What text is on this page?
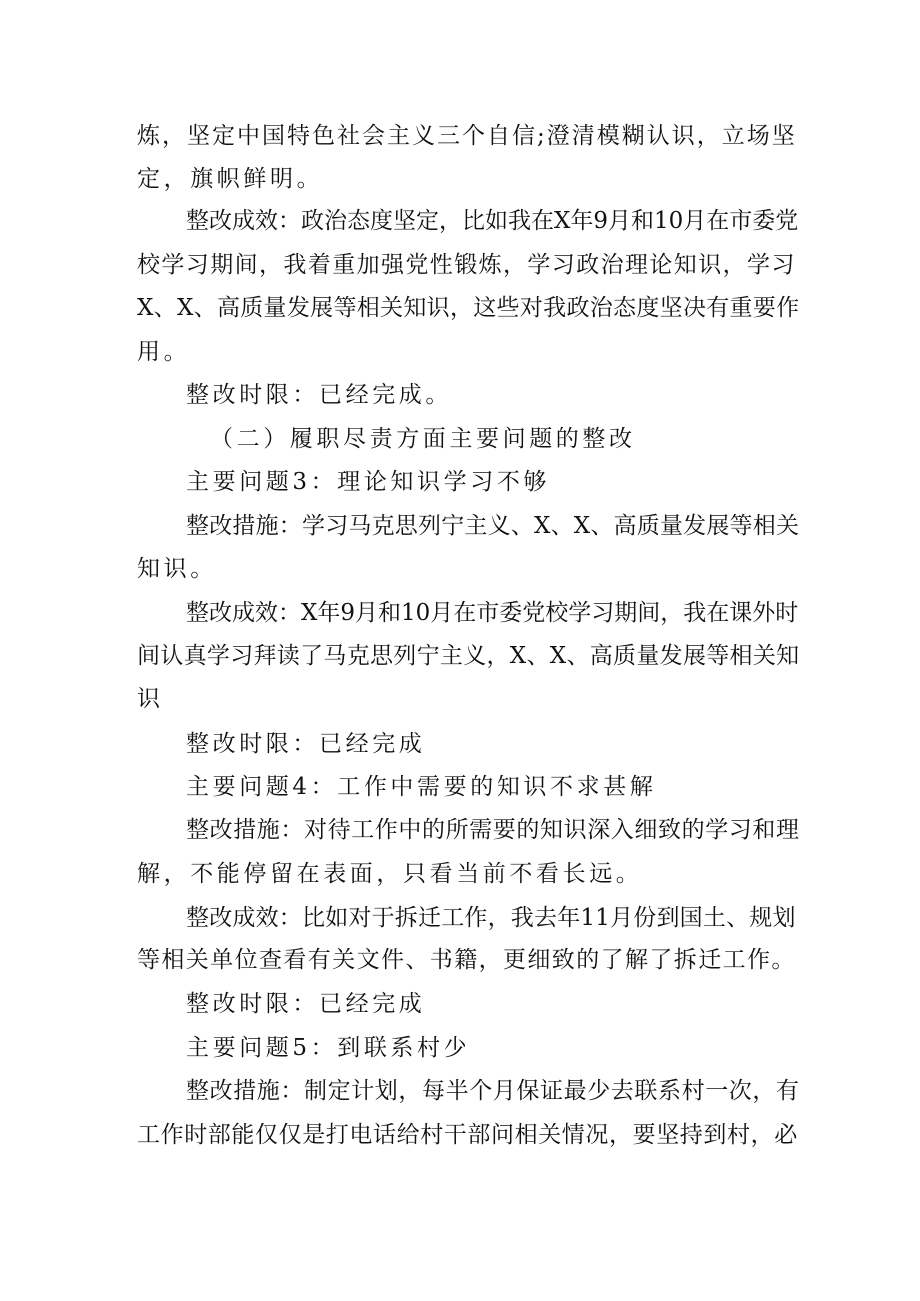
炼，坚定中国特色社会主义三个自信;澄清模糊认识，立场坚
定，旗帜鲜明。
整改成效：政治态度坚定，比如我在X年9月和10月在市委党
校学习期间，我着重加强党性锻炼，学习政治理论知识，学习
X、X、高质量发展等相关知识，这些对我政治态度坚决有重要作
用。
整改时限：已经完成。
（二）履职尽责方面主要问题的整改
主要问题3：理论知识学习不够
整改措施：学习马克思列宁主义、X、X、高质量发展等相关
知识。
整改成效：X年9月和10月在市委党校学习期间，我在课外时
间认真学习拜读了马克思列宁主义，X、X、高质量发展等相关知
识
整改时限：已经完成
主要问题4：工作中需要的知识不求甚解
整改措施：对待工作中的所需要的知识深入细致的学习和理
解，不能停留在表面，只看当前不看长远。
整改成效：比如对于拆迁工作，我去年11月份到国土、规划
等相关单位查看有关文件、书籍，更细致的了解了拆迁工作。
整改时限：已经完成
主要问题5：到联系村少
整改措施：制定计划，每半个月保证最少去联系村一次，有
工作时部能仅仅是打电话给村干部问相关情况，要坚持到村，必
